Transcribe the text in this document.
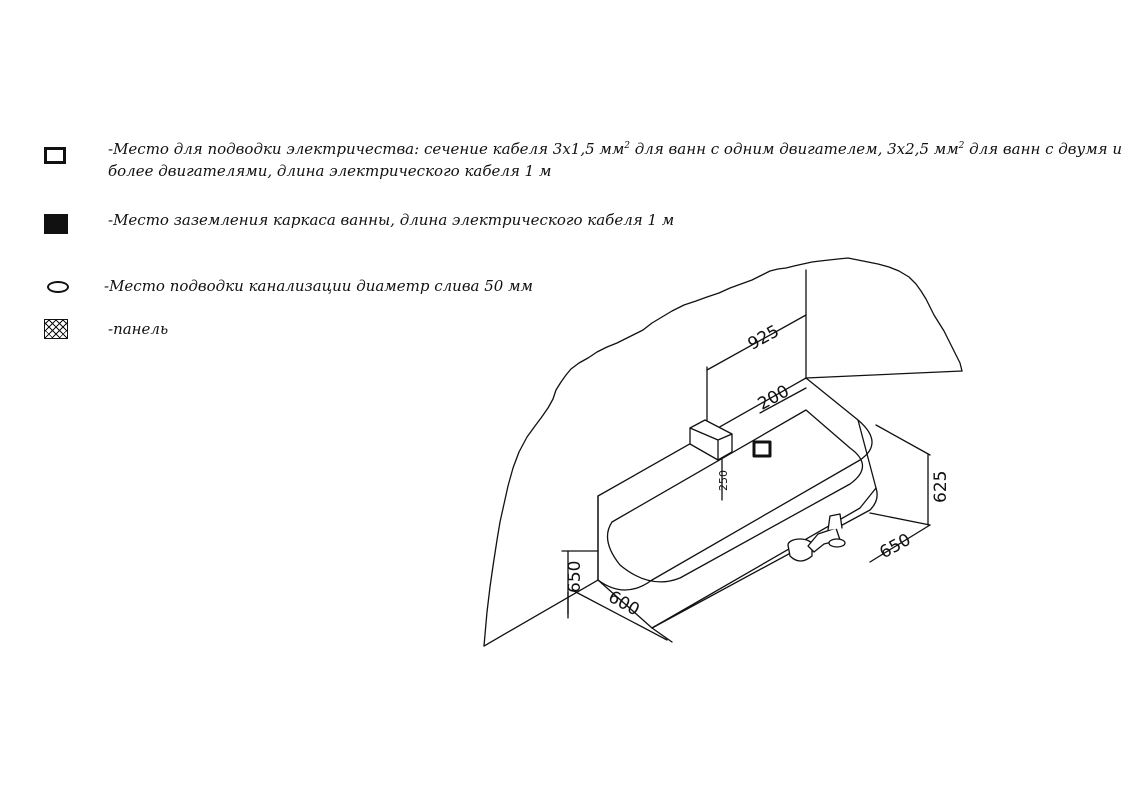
-Место для подводки электричества: сечение кабеля 3х1,5 $мм^2$ для ванн с одним двигателем, 3х2,5 $мм^2$ для ванн с двумя и
более двигателями, длина электрического кабеля 1 м
-Место заземления каркаса ванны, длина электрического кабеля 1 м
-Место подводки канализации диаметр слива 50 мм
-панель	925
200
250	625
650
650
600
